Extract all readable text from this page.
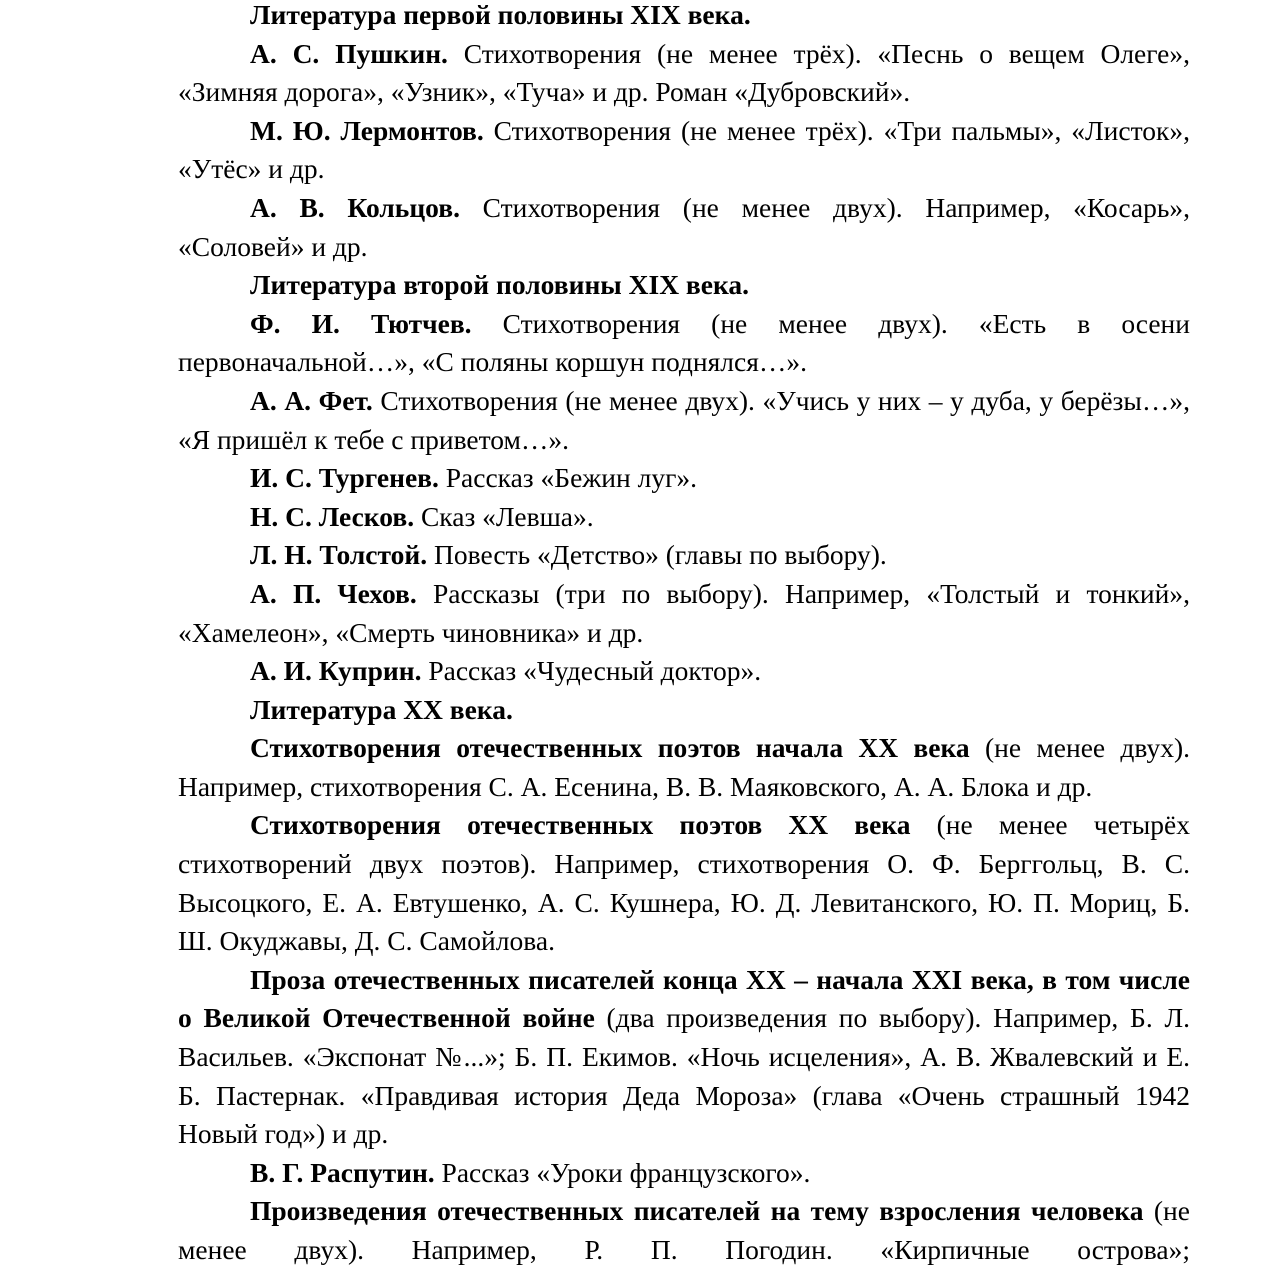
Литература первой половины XIX века.

А. С. Пушкин. Стихотворения (не менее трёх). «Песнь о вещем Олеге», «Зимняя дорога», «Узник», «Туча» и др. Роман «Дубровский».

М. Ю. Лермонтов. Стихотворения (не менее трёх). «Три пальмы», «Листок», «Утёс» и др.

А. В. Кольцов. Стихотворения (не менее двух). Например, «Косарь», «Соловей» и др.

Литература второй половины XIX века.

Ф. И. Тютчев. Стихотворения (не менее двух). «Есть в осени первоначальной…», «С поляны коршун поднялся…».

А. А. Фет. Стихотворения (не менее двух). «Учись у них – у дуба, у берёзы…», «Я пришёл к тебе с приветом…».

И. С. Тургенев. Рассказ «Бежин луг».

Н. С. Лесков. Сказ «Левша».

Л. Н. Толстой. Повесть «Детство» (главы по выбору).

А. П. Чехов. Рассказы (три по выбору). Например, «Толстый и тонкий», «Хамелеон», «Смерть чиновника» и др.

А. И. Куприн. Рассказ «Чудесный доктор».

Литература XX века.

Стихотворения отечественных поэтов начала XX века (не менее двух). Например, стихотворения С. А. Есенина, В. В. Маяковского, А. А. Блока и др.

Стихотворения отечественных поэтов XX века (не менее четырёх стихотворений двух поэтов). Например, стихотворения О. Ф. Берггольц, В. С. Высоцкого, Е. А. Евтушенко, А. С. Кушнера, Ю. Д. Левитанского, Ю. П. Мориц, Б. Ш. Окуджавы, Д. С. Самойлова.

Проза отечественных писателей конца XX – начала XXI века, в том числе о Великой Отечественной войне (два произведения по выбору). Например, Б. Л. Васильев. «Экспонат №...»; Б. П. Екимов. «Ночь исцеления», А. В. Жвалевский и Е. Б. Пастернак. «Правдивая история Деда Мороза» (глава «Очень страшный 1942 Новый год») и др.

В. Г. Распутин. Рассказ «Уроки французского».

Произведения отечественных писателей на тему взросления человека (не менее двух). Например, Р. П. Погодин. «Кирпичные острова»;
